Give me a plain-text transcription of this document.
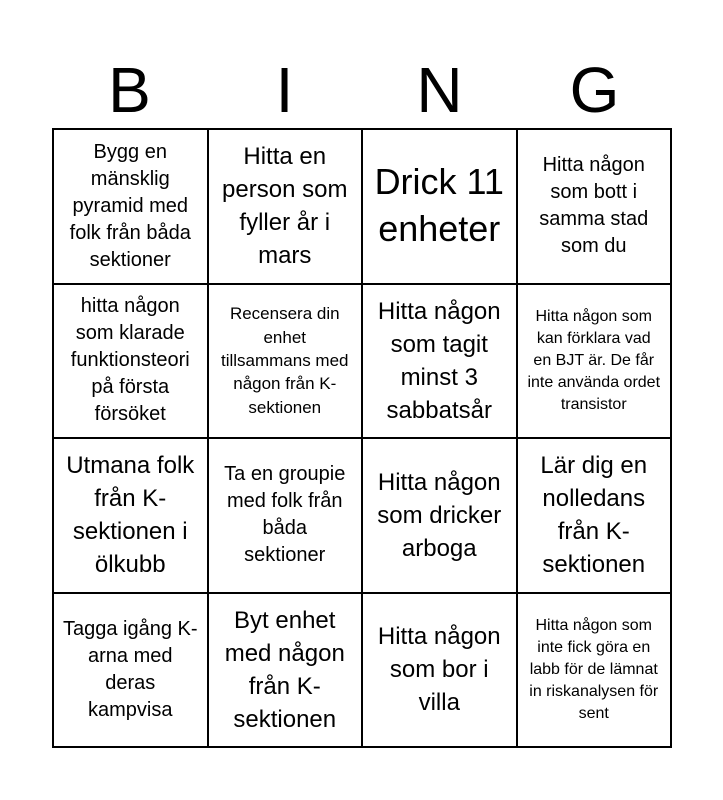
B	I	N	G
Bygg en mänsklig pyramid med folk från båda sektioner
Hitta en person som fyller år i mars
Drick 11 enheter
Hitta någon som bott i samma stad som du
hitta någon som klarade funktionsteori på första försöket
Recensera din enhet tillsammans med någon från K-sektionen
Hitta någon som tagit minst 3 sabbatsår
Hitta någon som kan förklara vad en BJT är. De får inte använda ordet transistor
Utmana folk från K-sektionen i ölkubb
Ta en groupie med folk från båda sektioner
Hitta någon som dricker arboga
Lär dig en nolledans från K-sektionen
Tagga igång K-arna med deras kampvisa
Byt enhet med någon från K-sektionen
Hitta någon som bor i villa
Hitta någon som inte fick göra en labb för de lämnat in riskanalysen för sent
